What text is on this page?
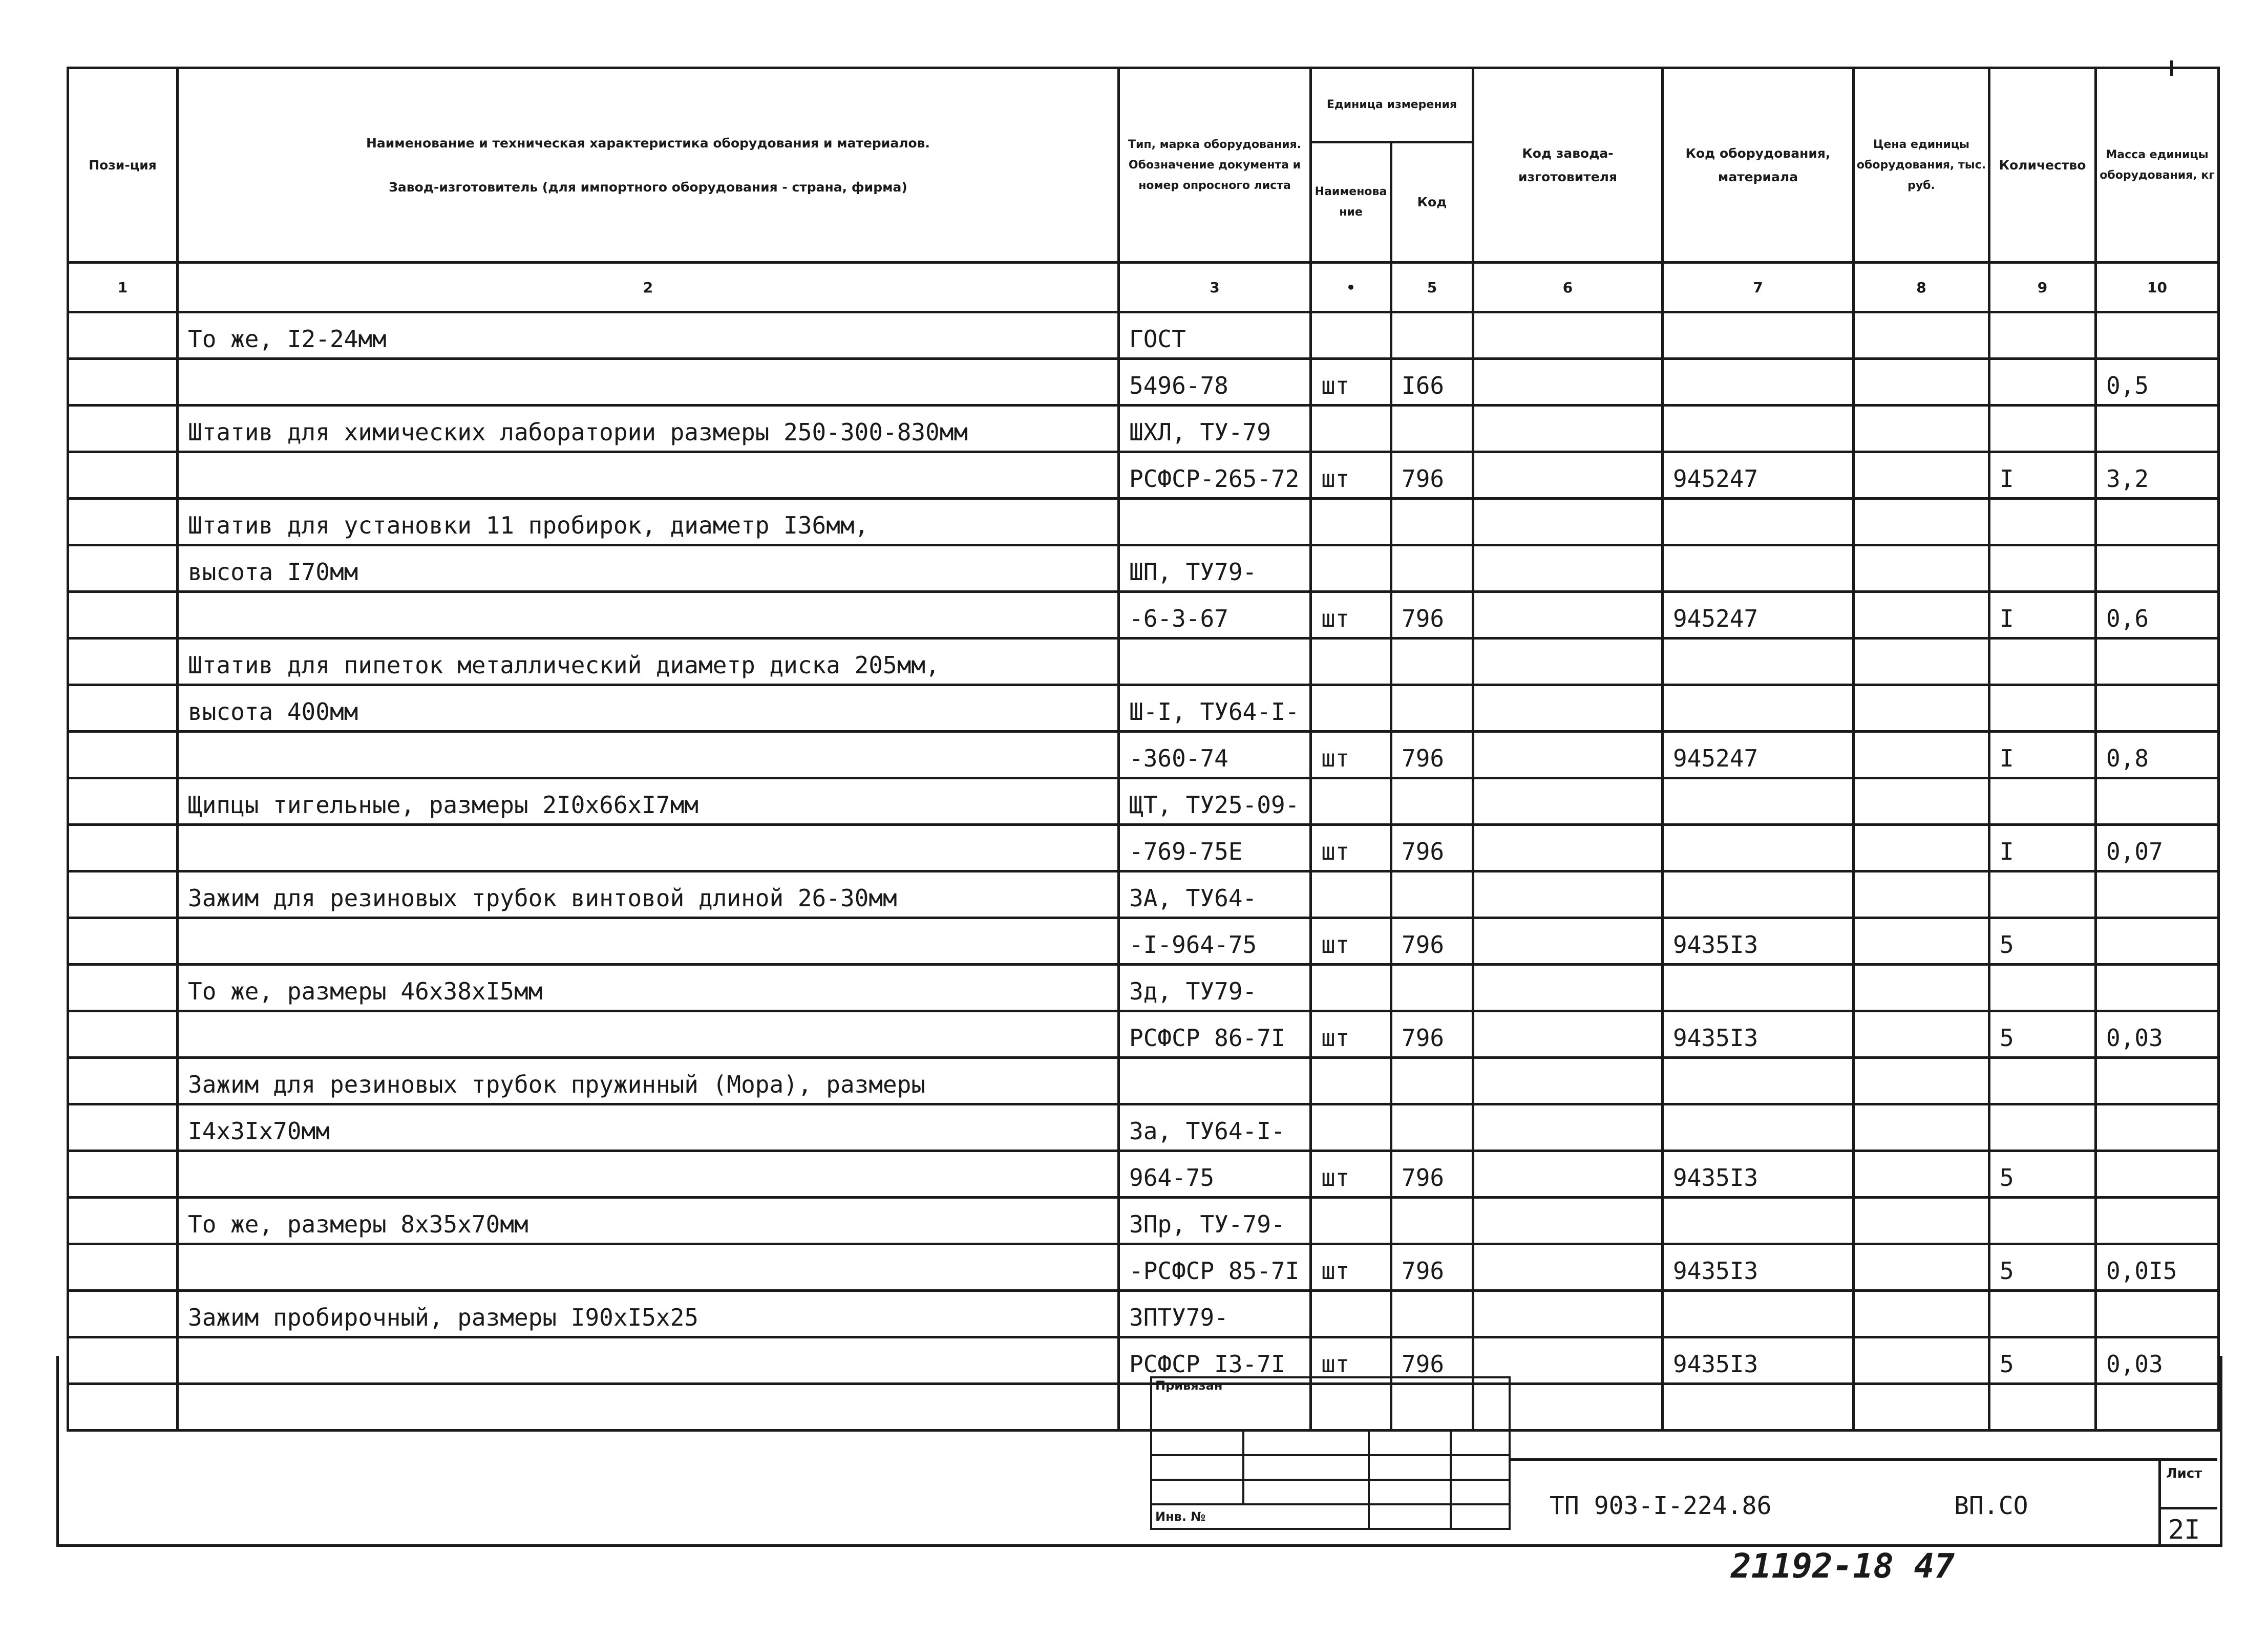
Пози-ция	Наименование и техническая характеристика оборудования и материалов.
Завод-изготовитель (для импортного оборудования - страна, фирма)	Тип, марка оборудования. Обозначение документа и номер опросного листа	Единица измерения		Код завода-изготовителя	Код оборудования, материала	Цена единицы оборудования, тыс. руб.	Количество	Масса единицы оборудования, кг
			Наименование	Код					
1	2	3	•	5	6	7	8	9	10
	То же, I2-24мм	ГОСТ							
		5496-78	шт	I66					0,5
	Штатив для химических лаборатории размеры 250-300-830мм	ШХЛ, ТУ-79							
		РСФСР-265-72	шт	796		945247		I	3,2
	Штатив для установки 11 пробирок, диаметр I36мм,								
	высота I70мм	ШП, ТУ79-							
		-6-3-67	шт	796		945247		I	0,6
	Штатив для пипеток металлический диаметр диска 205мм,								
	высота 400мм	Ш-I, ТУ64-I-							
		-360-74	шт	796		945247		I	0,8
	Щипцы тигельные, размеры 2I0x66xI7мм	ЩТ, ТУ25-09-							
		-769-75Е	шт	796				I	0,07
	Зажим для резиновых трубок винтовой длиной 26-30мм	ЗА, ТУ64-							
		-I-964-75	шт	796		9435I3		5	
	То же, размеры 46x38xI5мм	Зд, ТУ79-							
		РСФСР 86-7I	шт	796		9435I3		5	0,03
	Зажим для резиновых трубок пружинный (Мора), размеры								
	I4x3Ix70мм	За, ТУ64-I-							
		964-75	шт	796		9435I3		5	
	То же, размеры 8x35x70мм	ЗПр, ТУ-79-							
		-РСФСР 85-7I	шт	796		9435I3		5	0,0I5
	Зажим пробирочный, размеры I90xI5x25	ЗПТУ79-							
		РСФСР I3-7I	шт	796		9435I3		5	0,03

Привязан			

Инв. №				ТП 903-I-224.86	ВП.СО
Лист
2I
21192-18 47
